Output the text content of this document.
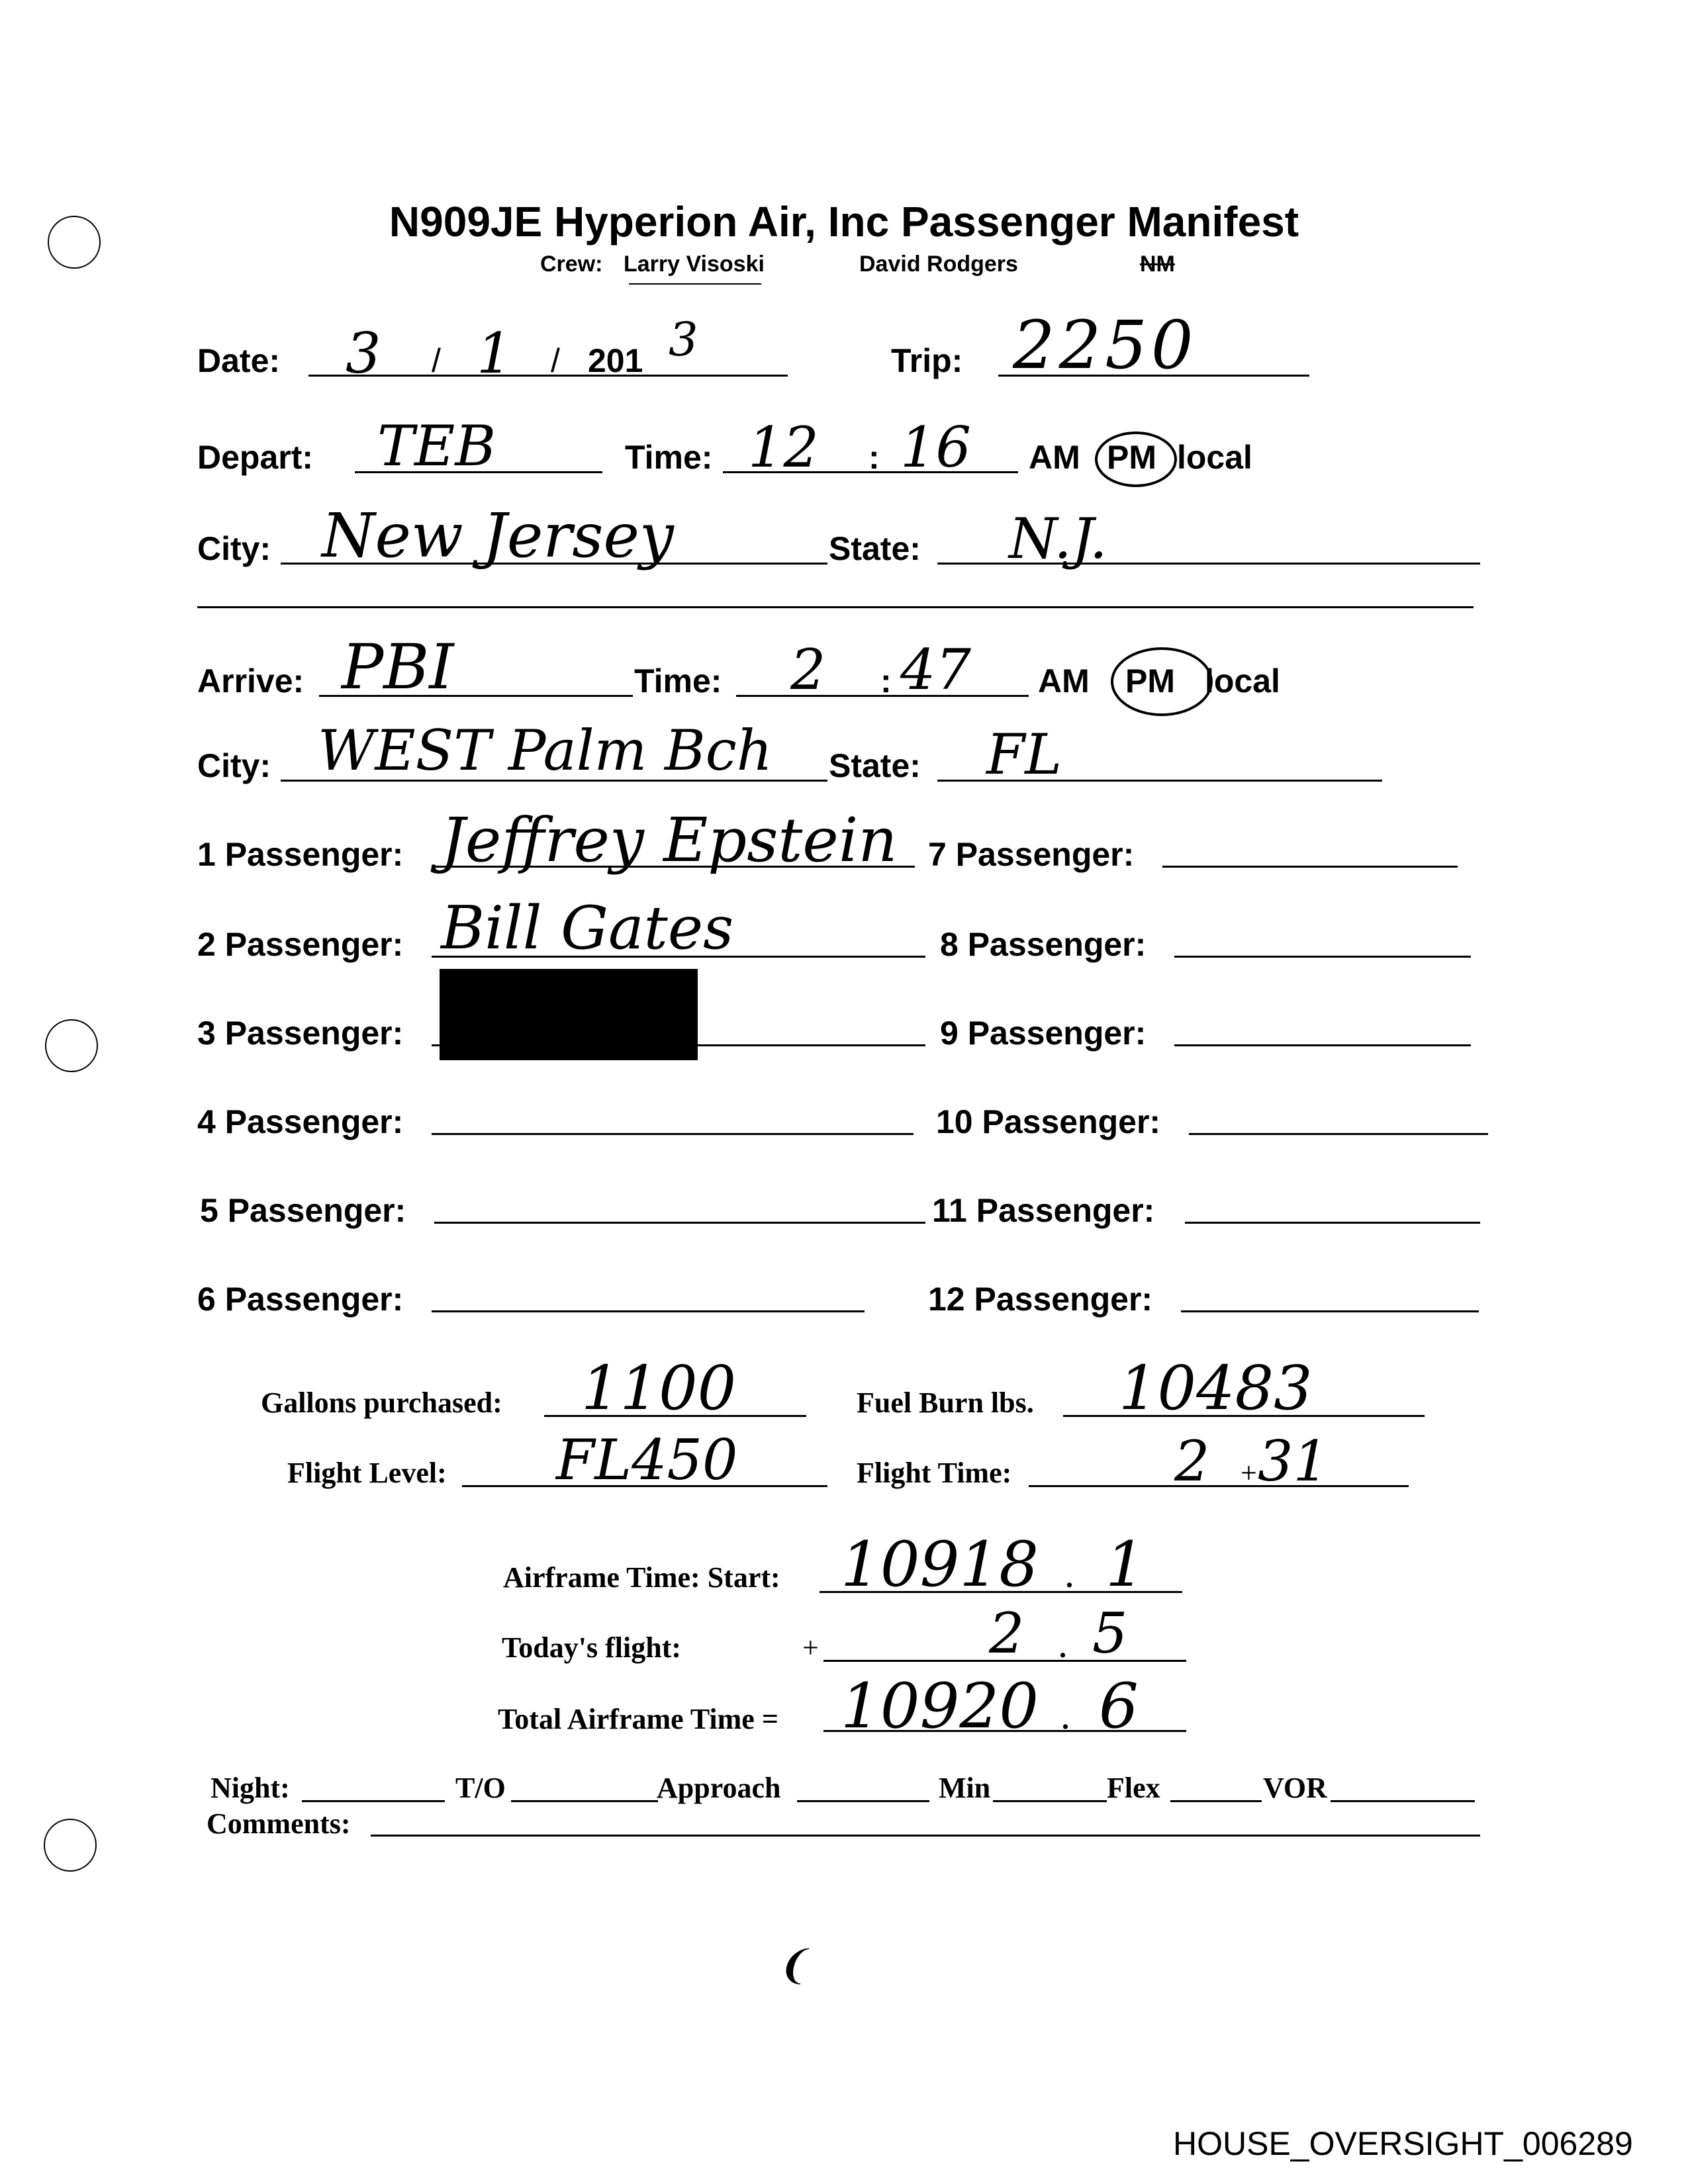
N909JE Hyperion Air, Inc Passenger Manifest
Crew: Larry Visoski	David Rodgers	NM
Date: 3 / 1 / 201 3	Trip: 2250
Depart: TEB	Time: 12 : 16 AM PM local
City: New Jersey	State: N.J.
Arrive: PBI	Time: 2 : 47 AM PM local
City: WEST Palm Bch State: FL
1 Passenger: Jeffrey Epstein
2 Passenger: Bill Gates
3 Passenger:
4 Passenger:
5 Passenger:
6 Passenger:
7 Passenger:
8 Passenger:
9 Passenger:
10 Passenger:
11 Passenger:
12 Passenger:
Gallons purchased: 1100	Fuel Burn lbs. 10483
Flight Level: FL450	Flight Time:	2 + 31
Airframe Time: Start: 10918 . 1
Today's flight:	+	2 . 5
Total Airframe Time = 10920 . 6
Night:	T/O	Approach	Min	Flex	VOR
Comments:
❨
HOUSE_OVERSIGHT_006289
